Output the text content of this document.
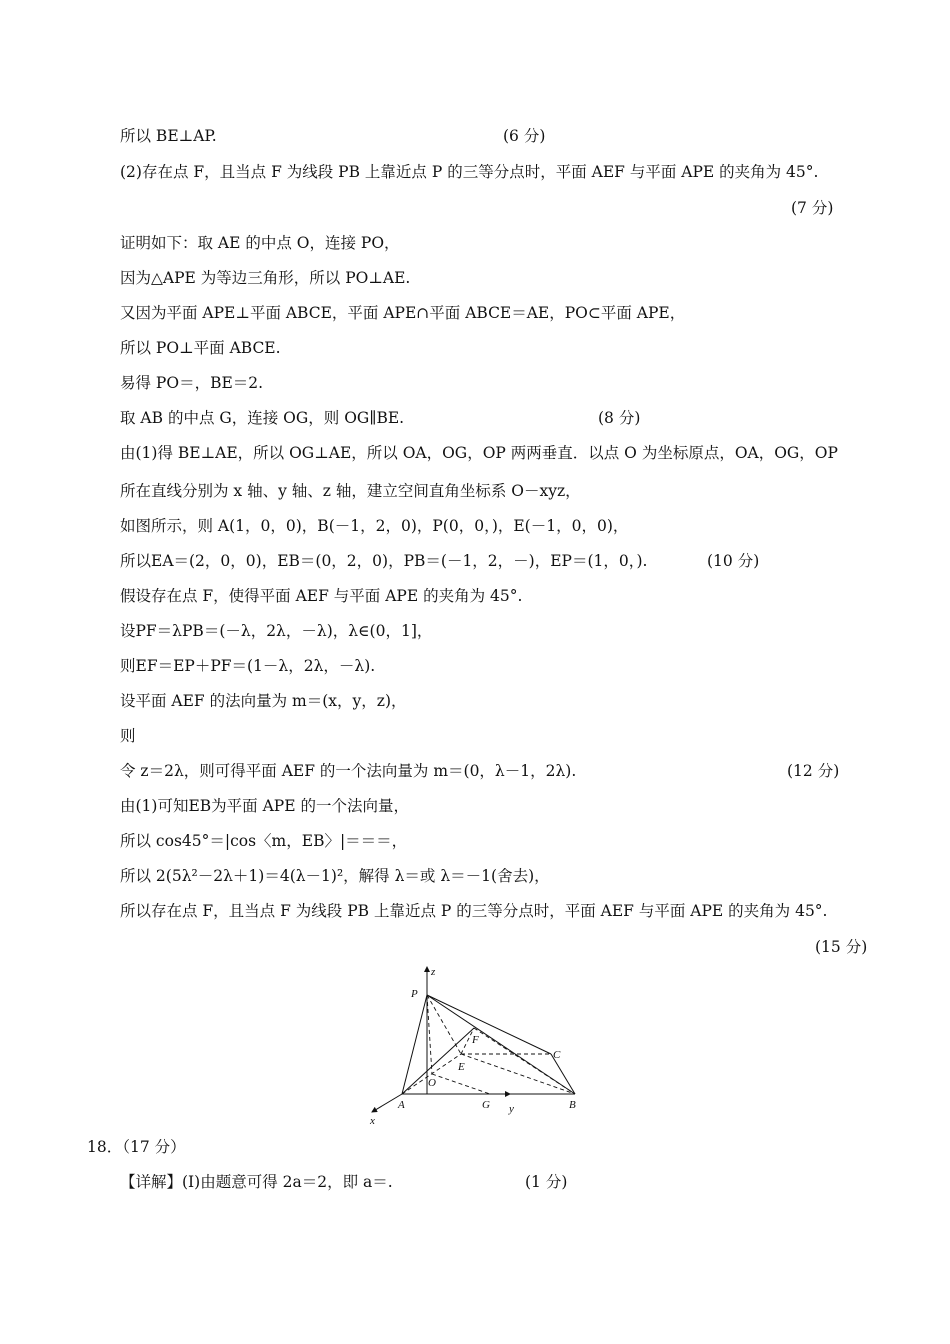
所以 BE⊥AP.	(6 分)
(2)存在点 F，且当点 F 为线段 PB 上靠近点 P 的三等分点时，平面 AEF 与平面 APE 的夹角为 45°.
(7 分)
证明如下：取 AE 的中点 O，连接 PO，
因为△APE 为等边三角形，所以 PO⊥AE.
又因为平面 APE⊥平面 ABCE，平面 APE∩平面 ABCE＝AE，PO⊂平面 APE，
所以 PO⊥平面 ABCE.
易得 PO＝，BE＝2.
取 AB 的中点 G，连接 OG，则 OG∥BE.	(8 分)
由(1)得 BE⊥AE，所以 OG⊥AE，所以 OA，OG，OP 两两垂直．以点 O 为坐标原点，OA，OG，OP
所在直线分别为 x 轴、y 轴、z 轴，建立空间直角坐标系 O－xyz，
如图所示，则 A(1，0，0)，B(－1，2，0)，P(0，0，)，E(－1，0，0)，
所以EA＝(2，0，0)，EB＝(0，2，0)，PB＝(－1，2，－)，EP＝(1，0，).	(10 分)
假设存在点 F，使得平面 AEF 与平面 APE 的夹角为 45°.
设PF＝λPB＝(－λ，2λ，－λ)，λ∈(0，1]，
则EF＝EP＋PF＝(1－λ，2λ，－λ).
设平面 AEF 的法向量为 m＝(x，y，z)，
则
令 z＝2λ，则可得平面 AEF 的一个法向量为 m＝(0，λ－1，2λ).	(12 分)
由(1)可知EB为平面 APE 的一个法向量，
所以 cos45°＝|cos〈m，EB〉|＝＝＝，
所以 2(5λ²－2λ＋1)＝4(λ－1)²，解得 λ＝或 λ＝－1(舍去)，
所以存在点 F，且当点 F 为线段 PB 上靠近点 P 的三等分点时，平面 AEF 与平面 APE 的夹角为 45°.
(15 分)
z
P
F
C
E
O
A	G y	B
x
18．（17 分）
【详解】(Ⅰ)由题意可得 2a＝2，即 a＝.	(1 分)
